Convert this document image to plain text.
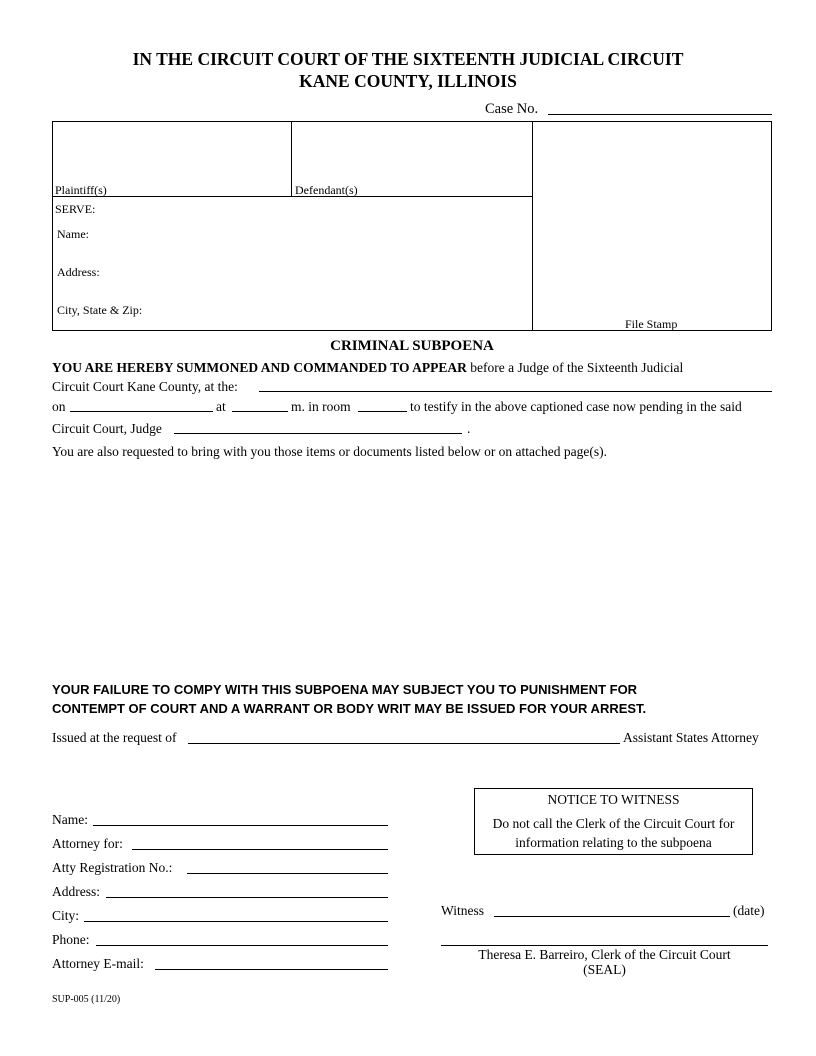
IN THE CIRCUIT COURT OF THE SIXTEENTH JUDICIAL CIRCUIT
KANE COUNTY, ILLINOIS
Case No.
Plaintiff(s)	Defendant(s)
SERVE:
Name:
Address:
City, State & Zip:
File Stamp
CRIMINAL SUBPOENA
YOU ARE HEREBY SUMMONED AND COMMANDED TO APPEAR before a Judge of the Sixteenth Judicial
Circuit Court Kane County, at the:
on	at	m. in room	to testify in the above captioned case now pending in the said
Circuit Court, Judge	.
You are also requested to bring with you those items or documents listed below or on attached page(s).
YOUR FAILURE TO COMPY WITH THIS SUBPOENA MAY SUBJECT YOU TO PUNISHMENT FOR
CONTEMPT OF COURT AND A WARRANT OR BODY WRIT MAY BE ISSUED FOR YOUR ARREST.
Issued at the request of	Assistant States Attorney
NOTICE TO WITNESS
Do not call the Clerk of the Circuit Court for
information relating to the subpoena
Name:
Attorney for:
Atty Registration No.:
Address:
City:
Phone:
Attorney E-mail:
Witness	(date)
Theresa E. Barreiro, Clerk of the Circuit Court
(SEAL)
SUP-005 (11/20)
